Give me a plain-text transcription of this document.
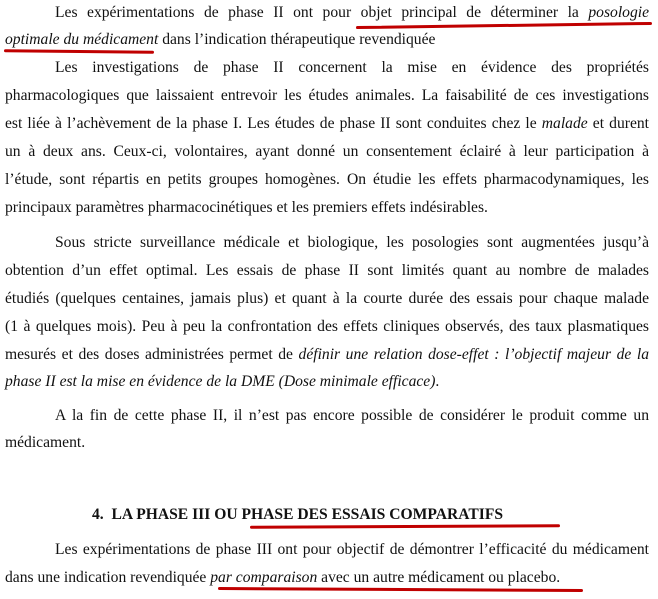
Les expérimentations de phase II ont pour objet principal de déterminer la posologie
optimale du médicament dans l’indication thérapeutique revendiquée
Les investigations de phase II concernent la mise en évidence des propriétés
pharmacologiques que laissaient entrevoir les études animales. La faisabilité de ces investigations
est liée à l’achèvement de la phase I. Les études de phase II sont conduites chez le malade et durent
un à deux ans. Ceux-ci, volontaires, ayant donné un consentement éclairé à leur participation à
l’étude, sont répartis en petits groupes homogènes. On étudie les effets pharmacodynamiques, les
principaux paramètres pharmacocinétiques et les premiers effets indésirables.
Sous stricte surveillance médicale et biologique, les posologies sont augmentées jusqu’à
obtention d’un effet optimal. Les essais de phase II sont limités quant au nombre de malades
étudiés (quelques centaines, jamais plus) et quant à la courte durée des essais pour chaque malade
(1 à quelques mois). Peu à peu la confrontation des effets cliniques observés, des taux plasmatiques
mesurés et des doses administrées permet de définir une relation dose-effet : l’objectif majeur de la
phase II est la mise en évidence de la DME (Dose minimale efficace).
A la fin de cette phase II, il n’est pas encore possible de considérer le produit comme un
médicament.
4. LA PHASE III OU PHASE DES ESSAIS COMPARATIFS
Les expérimentations de phase III ont pour objectif de démontrer l’efficacité du médicament
dans une indication revendiquée par comparaison avec un autre médicament ou placebo.
